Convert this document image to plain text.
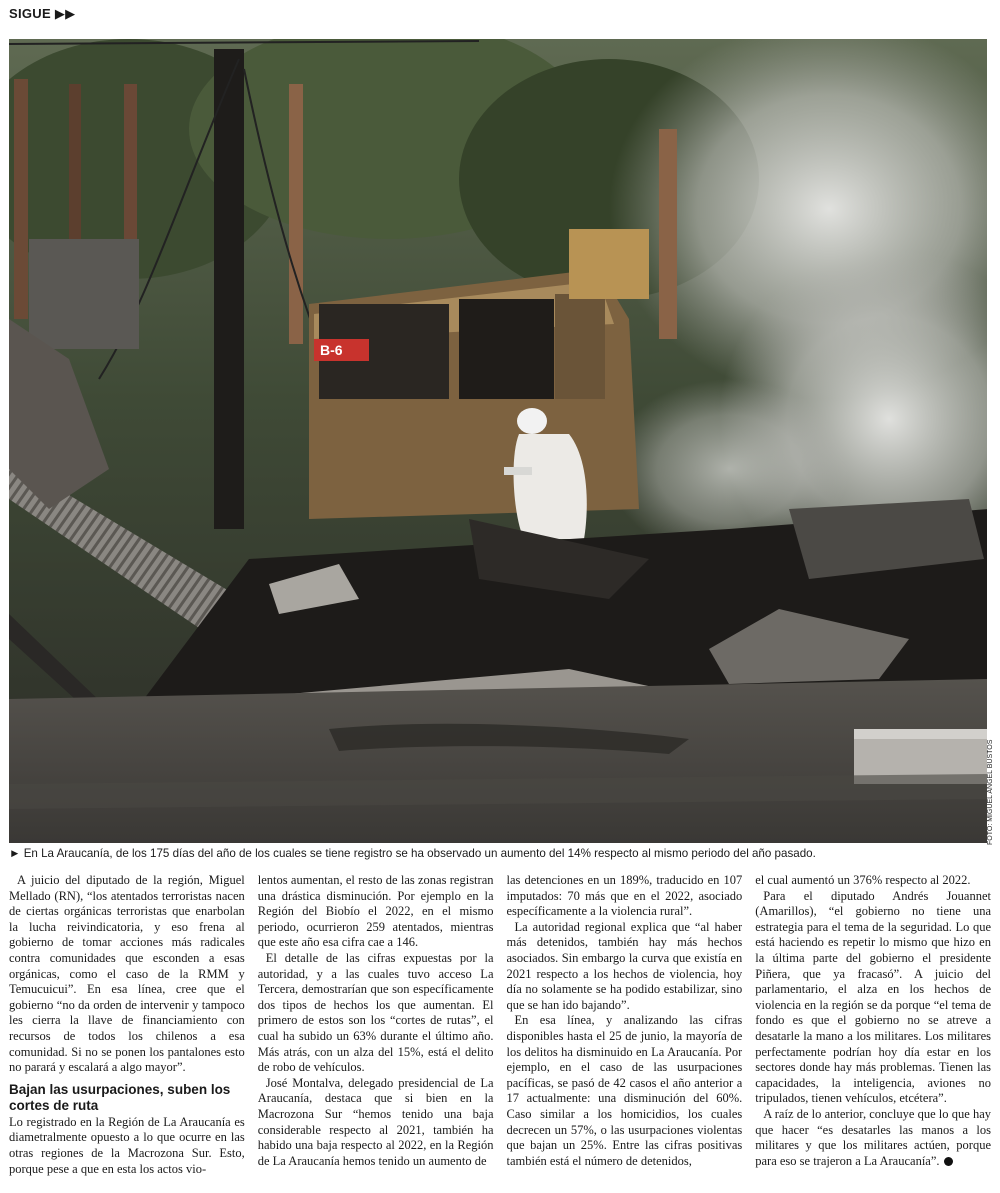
SIGUE ▶▶
B-6
FOTO: MIGUEL ANGEL BUSTOS
► En La Araucanía, de los 175 días del año de los cuales se tiene registro se ha observado un aumento del 14% respecto al mismo periodo del año pasado.

A juicio del diputado de la región, Miguel Mellado (RN), “los atentados terroristas nacen de ciertas orgánicas terroristas que enarbolan la lucha reivindicatoria, y eso frena al gobierno de tomar acciones más radicales contra comunidades que esconden a esas orgánicas, como el caso de la RMM y Temucuicui”. En esa línea, cree que el gobierno “no da orden de intervenir y tampoco les cierra la llave de financiamiento con recursos de todos los chilenos a esa comunidad. Si no se ponen los pantalones esto no parará y escalará a algo mayor”.

Bajan las usurpaciones, suben los cortes de ruta

Lo registrado en la Región de La Araucanía es diametralmente opuesto a lo que ocurre en las otras regiones de la Macrozona Sur. Esto, porque pese a que en esta los actos vio-

lentos aumentan, el resto de las zonas registran una drástica disminución. Por ejemplo en la Región del Biobío el 2022, en el mismo periodo, ocurrieron 259 atentados, mientras que este año esa cifra cae a 146.

El detalle de las cifras expuestas por la autoridad, y a las cuales tuvo acceso La Tercera, demostrarían que son específicamente dos tipos de hechos los que aumentan. El primero de estos son los “cortes de rutas”, el cual ha subido un 63% durante el último año. Más atrás, con un alza del 15%, está el delito de robo de vehículos.

José Montalva, delegado presidencial de La Araucanía, destaca que si bien en la Macrozona Sur “hemos tenido una baja considerable respecto al 2021, también ha habido una baja respecto al 2022, en la Región de La Araucanía hemos tenido un aumento de

las detenciones en un 189%, traducido en 107 imputados: 70 más que en el 2022, asociado específicamente a la violencia rural”.

La autoridad regional explica que “al haber más detenidos, también hay más hechos asociados. Sin embargo la curva que existía en 2021 respecto a los hechos de violencia, hoy día no solamente se ha podido estabilizar, sino que se han ido bajando”.

En esa línea, y analizando las cifras disponibles hasta el 25 de junio, la mayoría de los delitos ha disminuido en La Araucanía. Por ejemplo, en el caso de las usurpaciones pacíficas, se pasó de 42 casos el año anterior a 17 actualmente: una disminución del 60%. Caso similar a los homicidios, los cuales decrecen un 57%, o las usurpaciones violentas que bajan un 25%. Entre las cifras positivas también está el número de detenidos,

el cual aumentó un 376% respecto al 2022.

Para el diputado Andrés Jouannet (Amarillos), “el gobierno no tiene una estrategia para el tema de la seguridad. Lo que está haciendo es repetir lo mismo que hizo en la última parte del gobierno el presidente Piñera, que ya fracasó”. A juicio del parlamentario, el alza en los hechos de violencia en la región se da porque “el tema de fondo es que el gobierno no se atreve a desatarle la mano a los militares. Los militares perfectamente podrían hoy día estar en los sectores donde hay más problemas. Tienen las capacidades, la inteligencia, aviones no tripulados, tienen vehículos, etcétera”.

A raíz de lo anterior, concluye que lo que hay que hacer “es desatarles las manos a los militares y que los militares actúen, porque para eso se trajeron a La Araucanía”.
